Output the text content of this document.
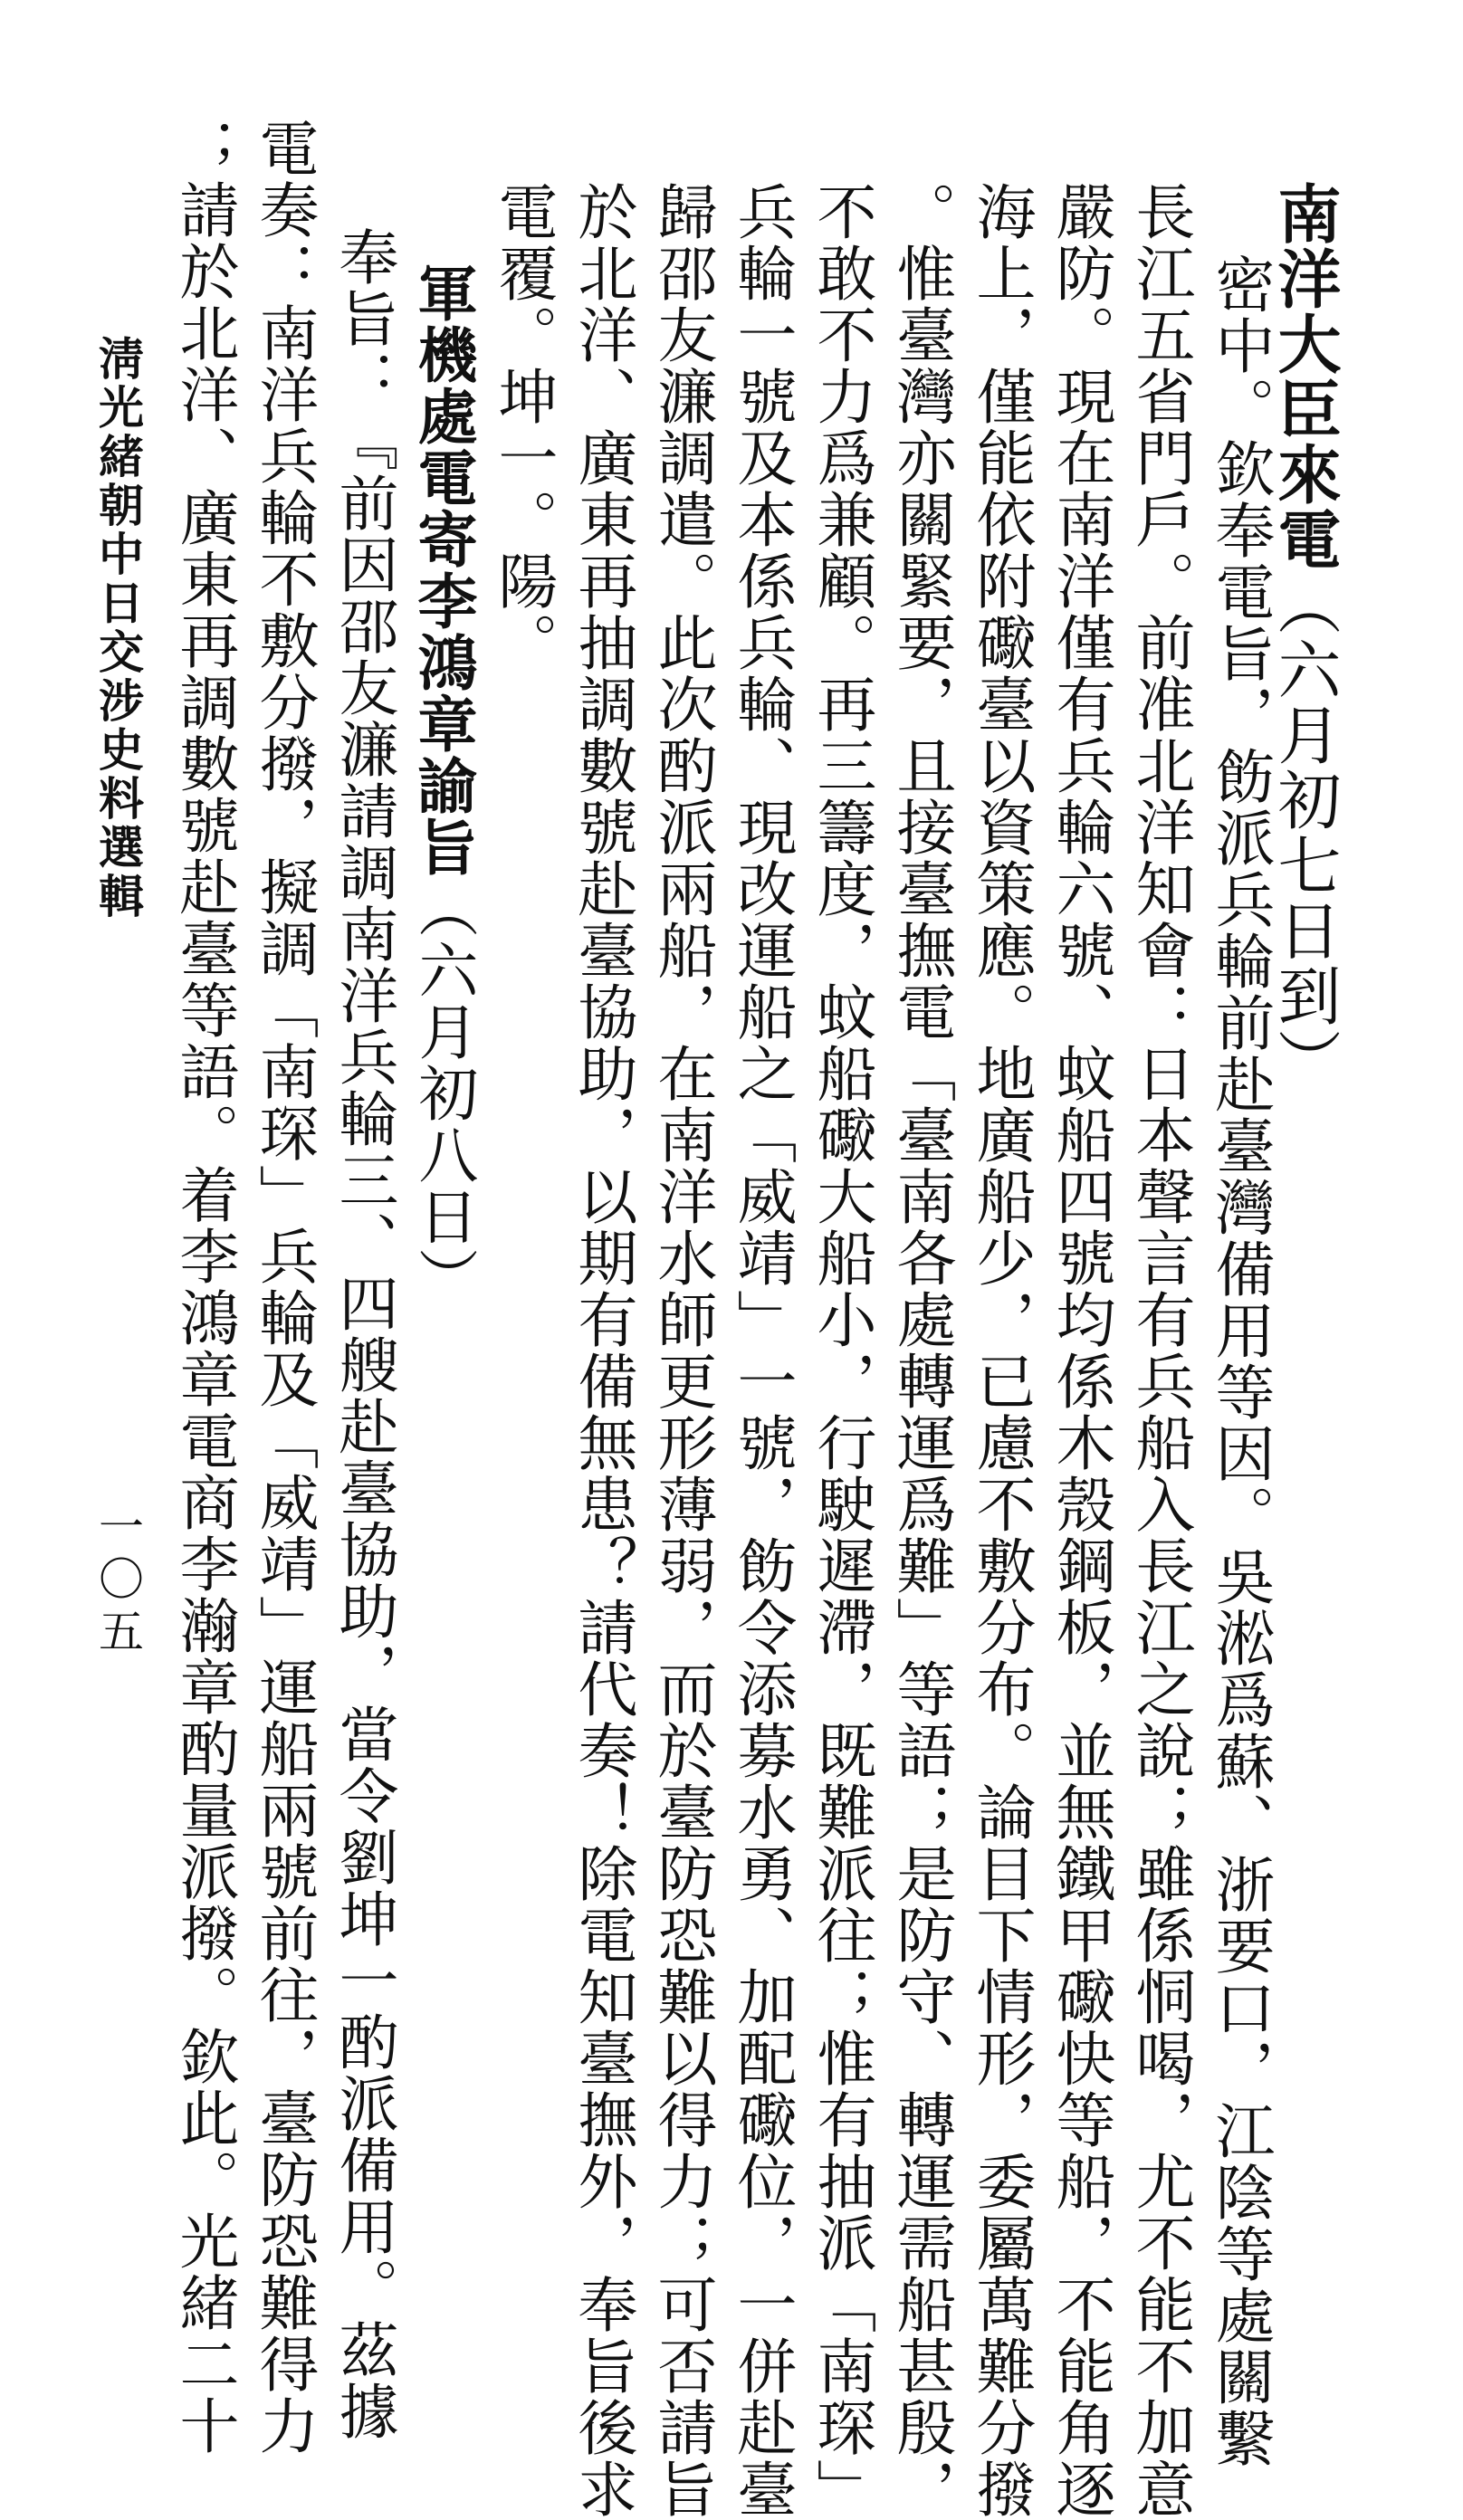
南洋大臣來電（六月初七日到）
密中。欽奉電旨，飭派兵輪前赴臺灣備用等因。吳淞爲蘇、浙要口，江陰等處關繫
長江五省門戶。前准北洋知會：日本聲言有兵船入長江之說；雖係恫喝，尤不能不加意
嚴防。現在南洋僅有兵輪六號、蚊船四號均係木殼鋼板，並無鐵甲礮快等船，不能角逐
海上，僅能依附礮臺以資策應。地廣船少，已慮不敷分布。論目下情形，委屬萬難分撥
。惟臺灣亦關緊要，且接臺撫電「臺南各處轉運爲難」等語；是防守、轉運需船甚殷，
不敢不力爲兼顧。再三籌度，蚊船礮大船小，行駛遲滯，既難派往；惟有抽派「南琛」
兵輪一號及本係兵輪、現改運船之「威靖」一號，飭令添募水勇、加配礮位，一併赴臺
歸邵友濂調遣。此次酌派兩船，在南洋水師更形薄弱，而於臺防恐難以得力；可否請旨
於北洋、廣東再抽調數號赴臺協助，以期有備無患？請代奏！除電知臺撫外，奉旨後求
電覆。坤一。陽。
軍機處電寄李鴻章諭旨（六月初八日）
奉旨：『前因邵友濂請調南洋兵輪三、四艘赴臺協助，當令劉坤一酌派備用。茲據
電奏：南洋兵輪不敷分撥，擬調「南琛」兵輪及「威靖」運船兩號前往，臺防恐難得力
；請於北洋、廣東再調數號赴臺等語。着李鴻章電商李瀚章酌量派撥。欽此。光緒二十
淸光緒朝中日交涉史料選輯
一〇五
